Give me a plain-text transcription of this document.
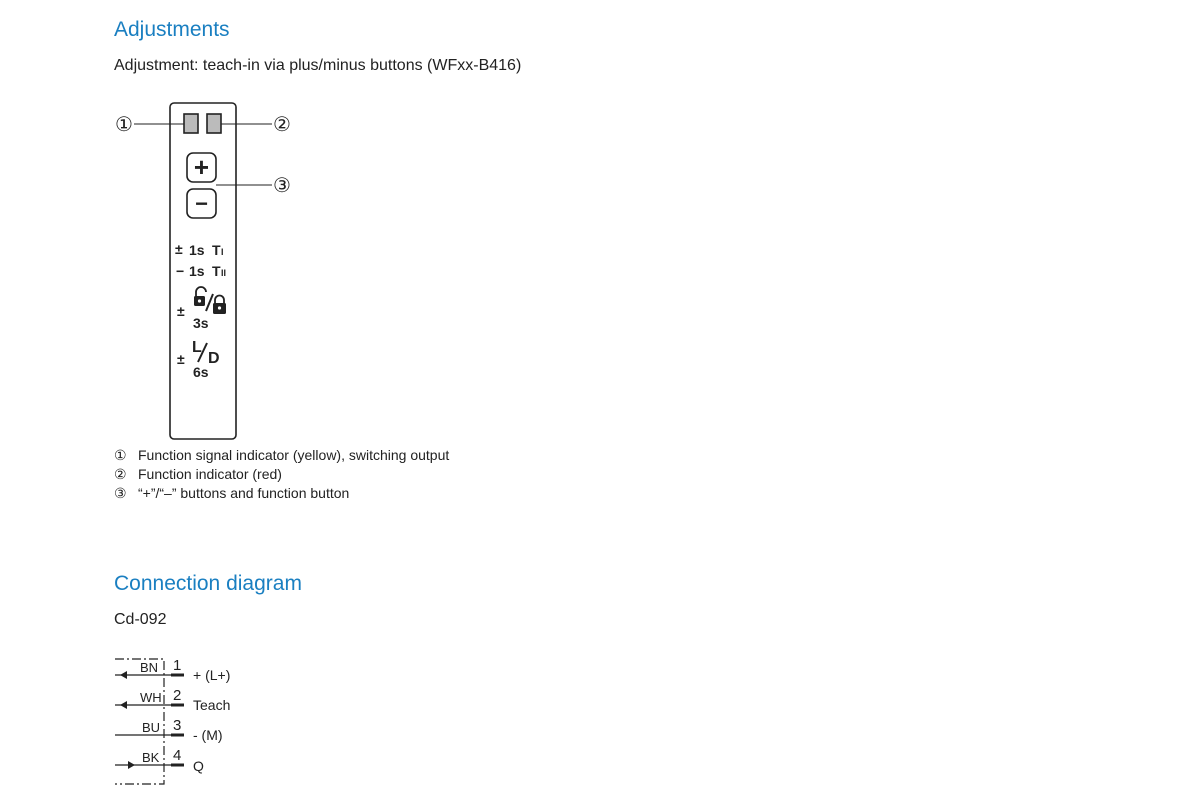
Adjustments

Adjustment: teach-in via plus/minus buttons (WFxx-B416)

①	②
+
−
③
± 1s T I
− 1s T II
±
3s
±
L
D
6s
① Function signal indicator (yellow), switching output
② Function indicator (red)
③ “+”/“–” buttons and function button
Connection diagram

Cd-092

BN 1
+ (L+)
WH 2
Teach
BU 3
- (M)
BK 4
Q
